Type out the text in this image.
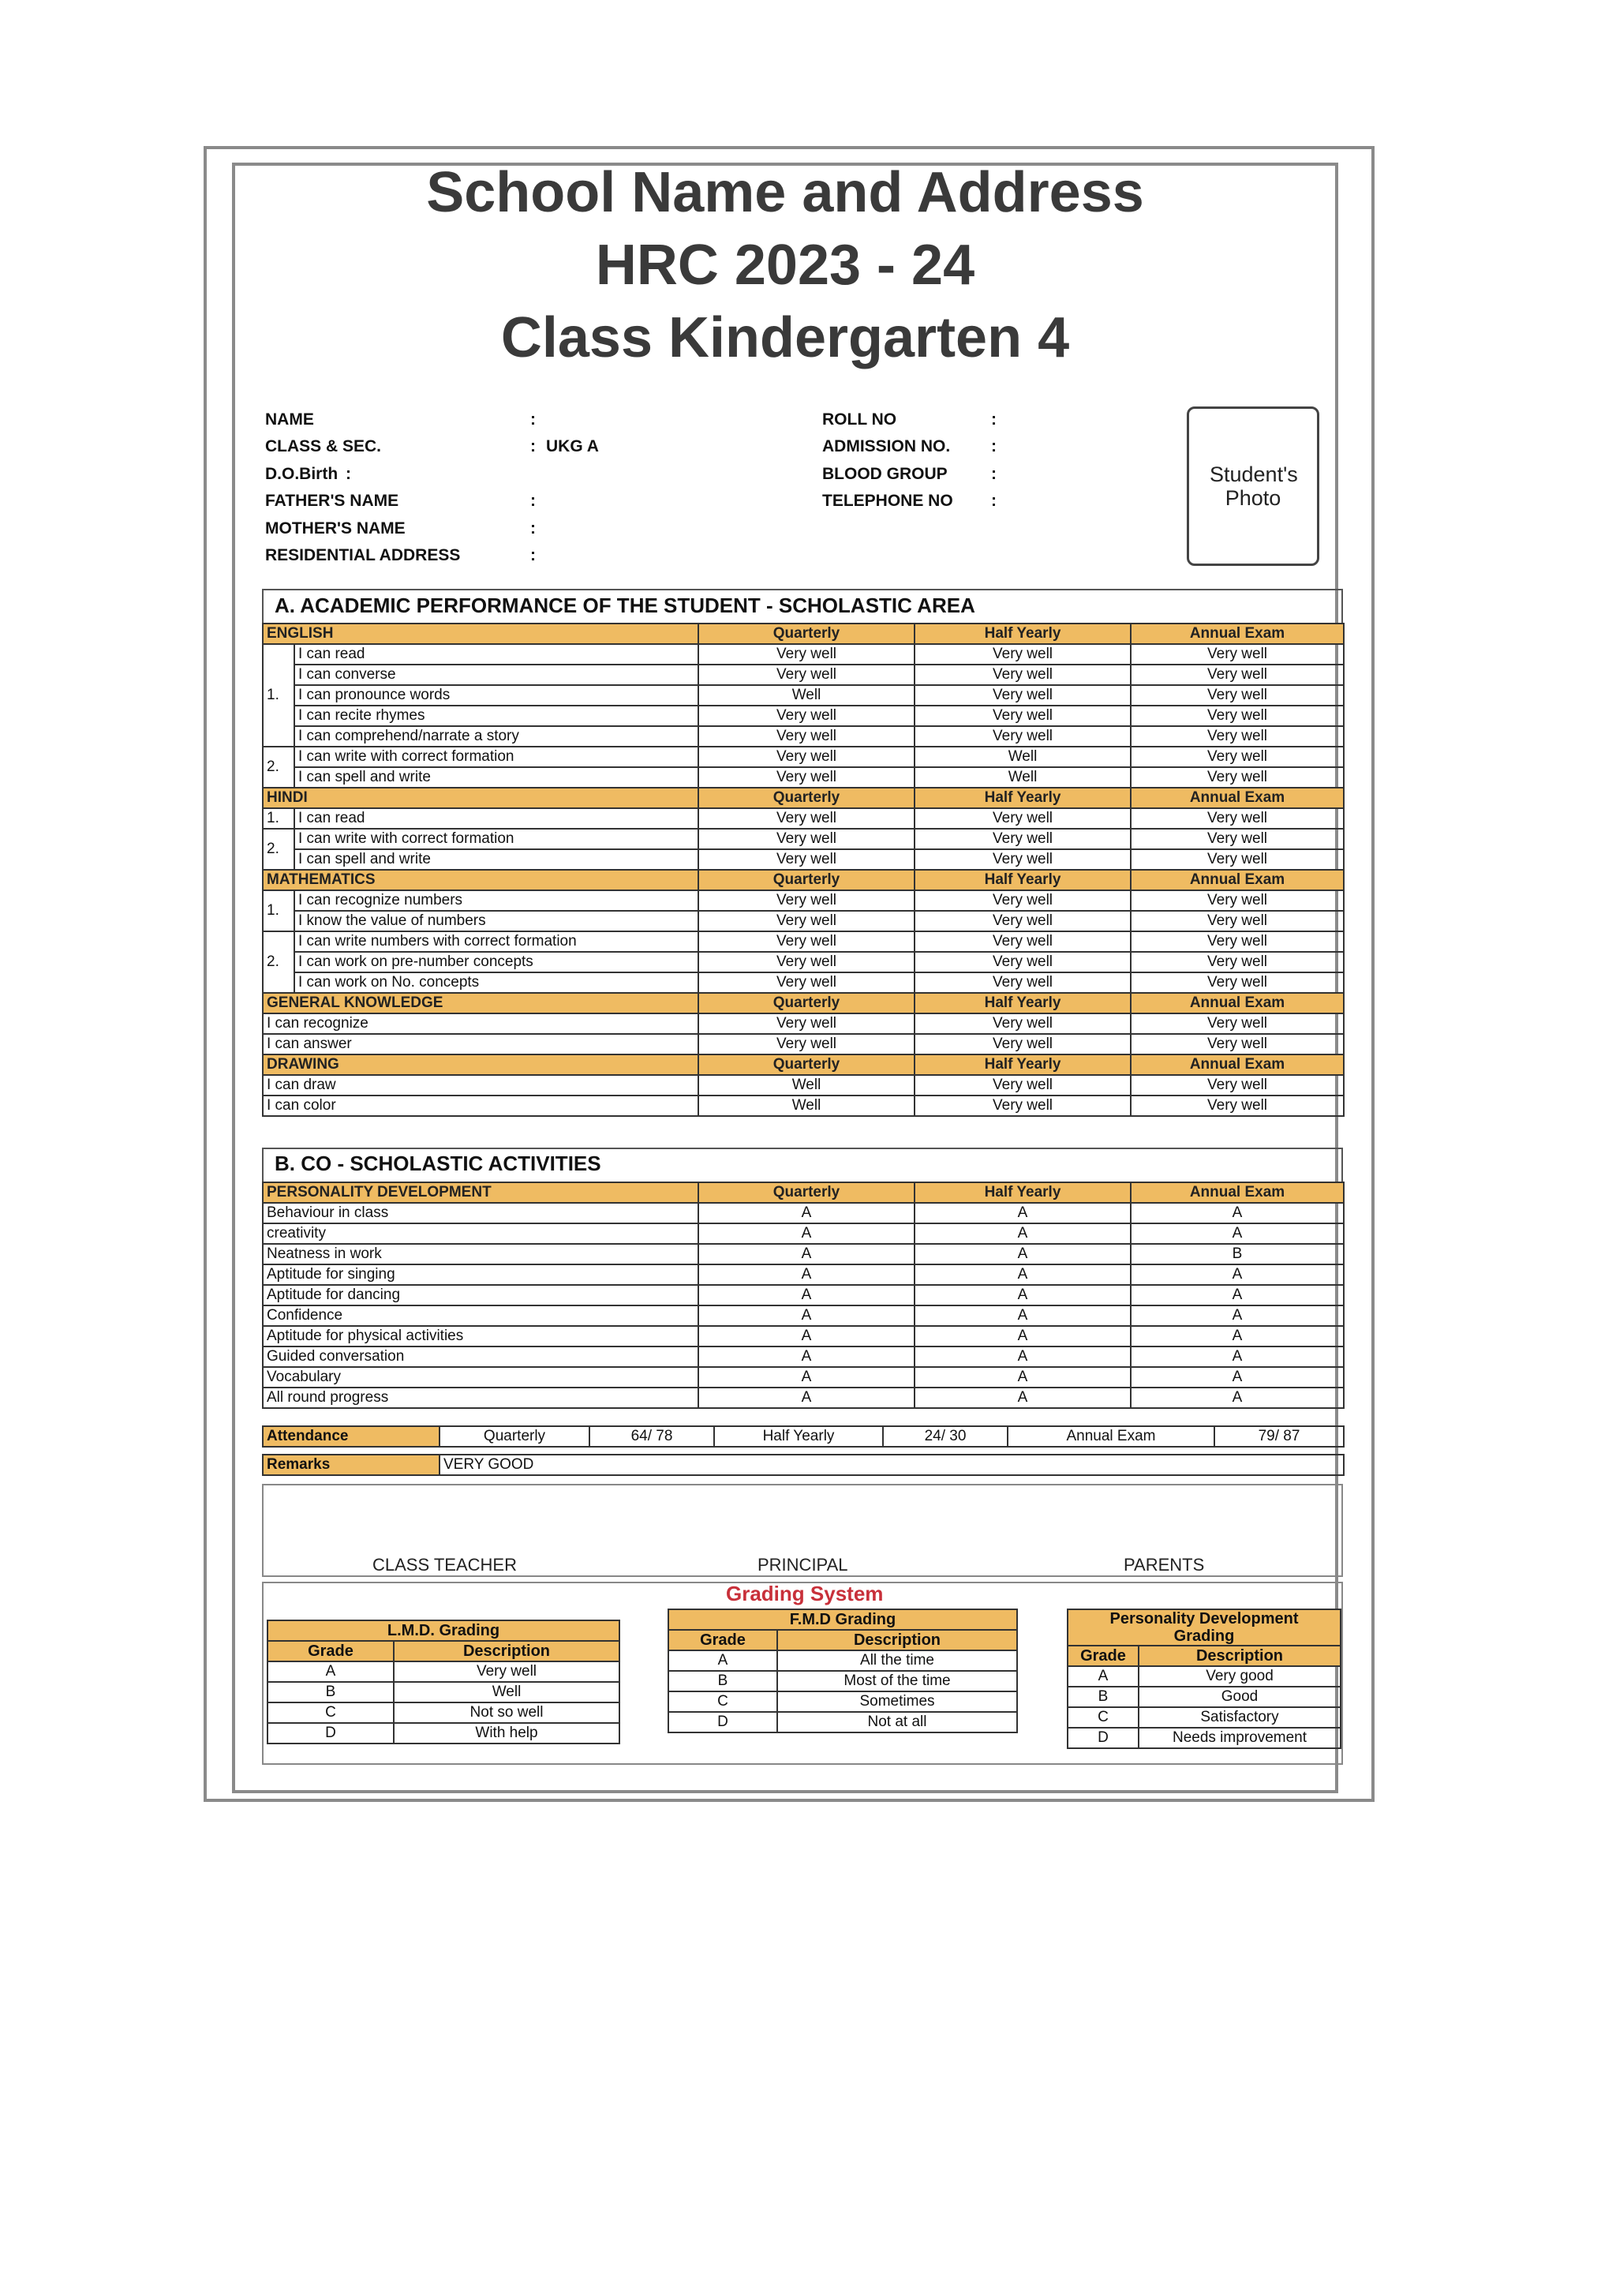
School Name and Address
HRC 2023 - 24
Class Kindergarten 4
NAME	:
CLASS & SEC.	: UKG A
D.O.Birth :
FATHER'S NAME	:
MOTHER'S NAME	:
RESIDENTIAL ADDRESS	:
ROLL NO	:
ADMISSION NO. :
BLOOD GROUP	:
TELEPHONE NO :
Student's Photo
A. ACADEMIC PERFORMANCE OF THE STUDENT - SCHOLASTIC AREA
ENGLISH		Quarterly	Half Yearly	Annual Exam
1.	I can read	Very well	Very well	Very well
	I can converse	Very well	Very well	Very well
	I can pronounce words	Well	Very well	Very well
	I can recite rhymes	Very well	Very well	Very well
	I can comprehend/narrate a story	Very well	Very well	Very well
2.	I can write with correct formation	Very well	Well	Very well
	I can spell and write	Very well	Well	Very well
HINDI		Quarterly	Half Yearly	Annual Exam
1.	I can read	Very well	Very well	Very well
2.	I can write with correct formation	Very well	Very well	Very well
	I can spell and write	Very well	Very well	Very well
MATHEMATICS		Quarterly	Half Yearly	Annual Exam
1.	I can recognize numbers	Very well	Very well	Very well
	I know the value of numbers	Very well	Very well	Very well
2.	I can write numbers with correct formation	Very well	Very well	Very well
	I can work on pre-number concepts	Very well	Very well	Very well
	I can work on No. concepts	Very well	Very well	Very well
GENERAL KNOWLEDGE		Quarterly	Half Yearly	Annual Exam
I can recognize		Very well	Very well	Very well
I can answer		Very well	Very well	Very well
DRAWING		Quarterly	Half Yearly	Annual Exam
I can draw		Well	Very well	Very well
I can color		Well	Very well	Very well
B. CO - SCHOLASTIC ACTIVITIES
PERSONALITY DEVELOPMENT	Quarterly	Half Yearly	Annual Exam
Behaviour in class	A	A	A
creativity	A	A	A
Neatness in work	A	A	B
Aptitude for singing	A	A	A
Aptitude for dancing	A	A	A
Confidence	A	A	A
Aptitude for physical activities	A	A	A
Guided conversation	A	A	A
Vocabulary	A	A	A
All round progress	A	A	A
Attendance	Quarterly	64/ 78	Half Yearly	24/ 30	Annual Exam	79/ 87
Remarks	VERY GOOD
CLASS TEACHER	PRINCIPAL	PARENTS
Grading System
L.M.D. Grading	
Grade	Description
A	Very well
B	Well
C	Not so well
D	With help
F.M.D Grading	
Grade	Description
A	All the time
B	Most of the time
C	Sometimes
D	Not at all
Personality Development
Grading	

Grade	Description
A	Very good
B	Good
C	Satisfactory
D	Needs improvement
